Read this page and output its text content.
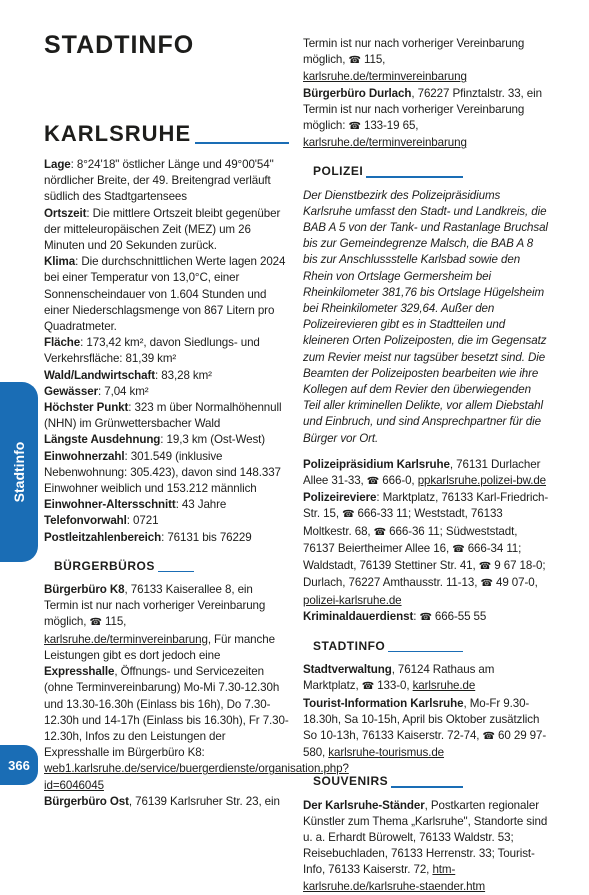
Stadtinfo
366
STADTINFO
KARLSRUHE

Lage: 8°24'18" östlicher Länge und 49°00'54" nördlicher Breite, der 49. Breitengrad verläuft südlich des Stadtgartensees

Ortszeit: Die mittlere Ortszeit bleibt gegenüber der mitteleuropäischen Zeit (MEZ) um 26 Minuten und 20 Sekunden zurück.

Klima: Die durchschnittlichen Werte lagen 2024 bei einer Temperatur von 13,0°C, einer Sonnenscheindauer von 1.604 Stunden und einer Niederschlagsmenge von 867 Litern pro Quadratmeter.

Fläche: 173,42 km², davon Siedlungs- und Verkehrsfläche: 81,39 km²

Wald/Landwirtschaft: 83,28 km²

Gewässer: 7,04 km²

Höchster Punkt: 323 m über Normalhöhennull (NHN) im Grünwettersbacher Wald

Längste Ausdehnung: 19,3 km (Ost-West)

Einwohnerzahl: 301.549 (inklusive Nebenwohnung: 305.423), davon sind 148.337 Einwohner weiblich und 153.212 männlich

Einwohner-Altersschnitt: 43 Jahre

Telefonvorwahl: 0721

Postleitzahlenbereich: 76131 bis 76229

BÜRGERBÜROS

Bürgerbüro K8, 76133 Kaiserallee 8, ein Termin ist nur nach vorheriger Vereinbarung möglich, ☎ 115, karlsruhe.de/terminvereinbarung, Für manche Leistungen gibt es dort jedoch eine Expresshalle, Öffnungs- und Servicezeiten (ohne Terminvereinbarung) Mo-Mi 7.30-12.30h und 13.30-16.30h (Einlass bis 16h), Do 7.30-12.30h und 14-17h (Einlass bis 16.30h), Fr 7.30-12.30h, Infos zu den Leistungen der Expresshalle im Bürgerbüro K8: web1.karlsruhe.de/service/buergerdienste/organisation.php?id=6046045

Bürgerbüro Ost, 76139 Karlsruher Str. 23, ein

Termin ist nur nach vorheriger Vereinbarung möglich, ☎ 115, karlsruhe.de/terminvereinbarung

Bürgerbüro Durlach, 76227 Pfinztalstr. 33, ein Termin ist nur nach vorheriger Vereinbarung möglich: ☎ 133-19 65, karlsruhe.de/terminvereinbarung

POLIZEI

Der Dienstbezirk des Polizeipräsidiums Karlsruhe umfasst den Stadt- und Landkreis, die BAB A 5 von der Tank- und Rastanlage Bruchsal bis zur Gemeindegrenze Malsch, die BAB A 8 bis zur Anschlussstelle Karlsbad sowie den Rhein von Ortslage Germersheim bei Rheinkilometer 381,76 bis Ortslage Hügelsheim bei Rheinkilometer 329,64. Außer den Polizeirevieren gibt es in Stadtteilen und kleineren Orten Polizeiposten, die im Gegensatz zum Revier meist nur tagsüber besetzt sind. Die Beamten der Polizeiposten bearbeiten wie ihre Kollegen auf dem Revier den überwiegenden Teil aller kriminellen Delikte, vor allem Diebstahl und Einbruch, und sind Ansprechpartner für die Bürger vor Ort.

Polizeipräsidium Karlsruhe, 76131 Durlacher Allee 31-33, ☎ 666-0, ppkarlsruhe.polizei-bw.de

Polizeireviere: Marktplatz, 76133 Karl-Friedrich-Str. 15, ☎ 666-33 11; Weststadt, 76133 Moltkestr. 68, ☎ 666-36 11; Südweststadt, 76137 Beiertheimer Allee 16, ☎ 666-34 11; Waldstadt, 76139 Stettiner Str. 41, ☎ 9 67 18-0; Durlach, 76227 Amthausstr. 11-13, ☎ 49 07-0, polizei-karlsruhe.de

Kriminaldauerdienst: ☎ 666-55 55

STADTINFO

Stadtverwaltung, 76124 Rathaus am Marktplatz, ☎ 133-0, karlsruhe.de

Tourist-Information Karlsruhe, Mo-Fr 9.30-18.30h, Sa 10-15h, April bis Oktober zusätzlich So 10-13h, 76133 Kaiserstr. 72-74, ☎ 60 29 97-580, karlsruhe-tourismus.de

SOUVENIRS

Der Karlsruhe-Ständer, Postkarten regionaler Künstler zum Thema „Karlsruhe", Standorte sind u. a. Erhardt Bürowelt, 76133 Waldstr. 53; Reisebuchladen, 76133 Herrenstr. 33; Tourist-Info, 76133 Kaiserstr. 72, htm-karlsruhe.de/karlsruhe-staender.htm
